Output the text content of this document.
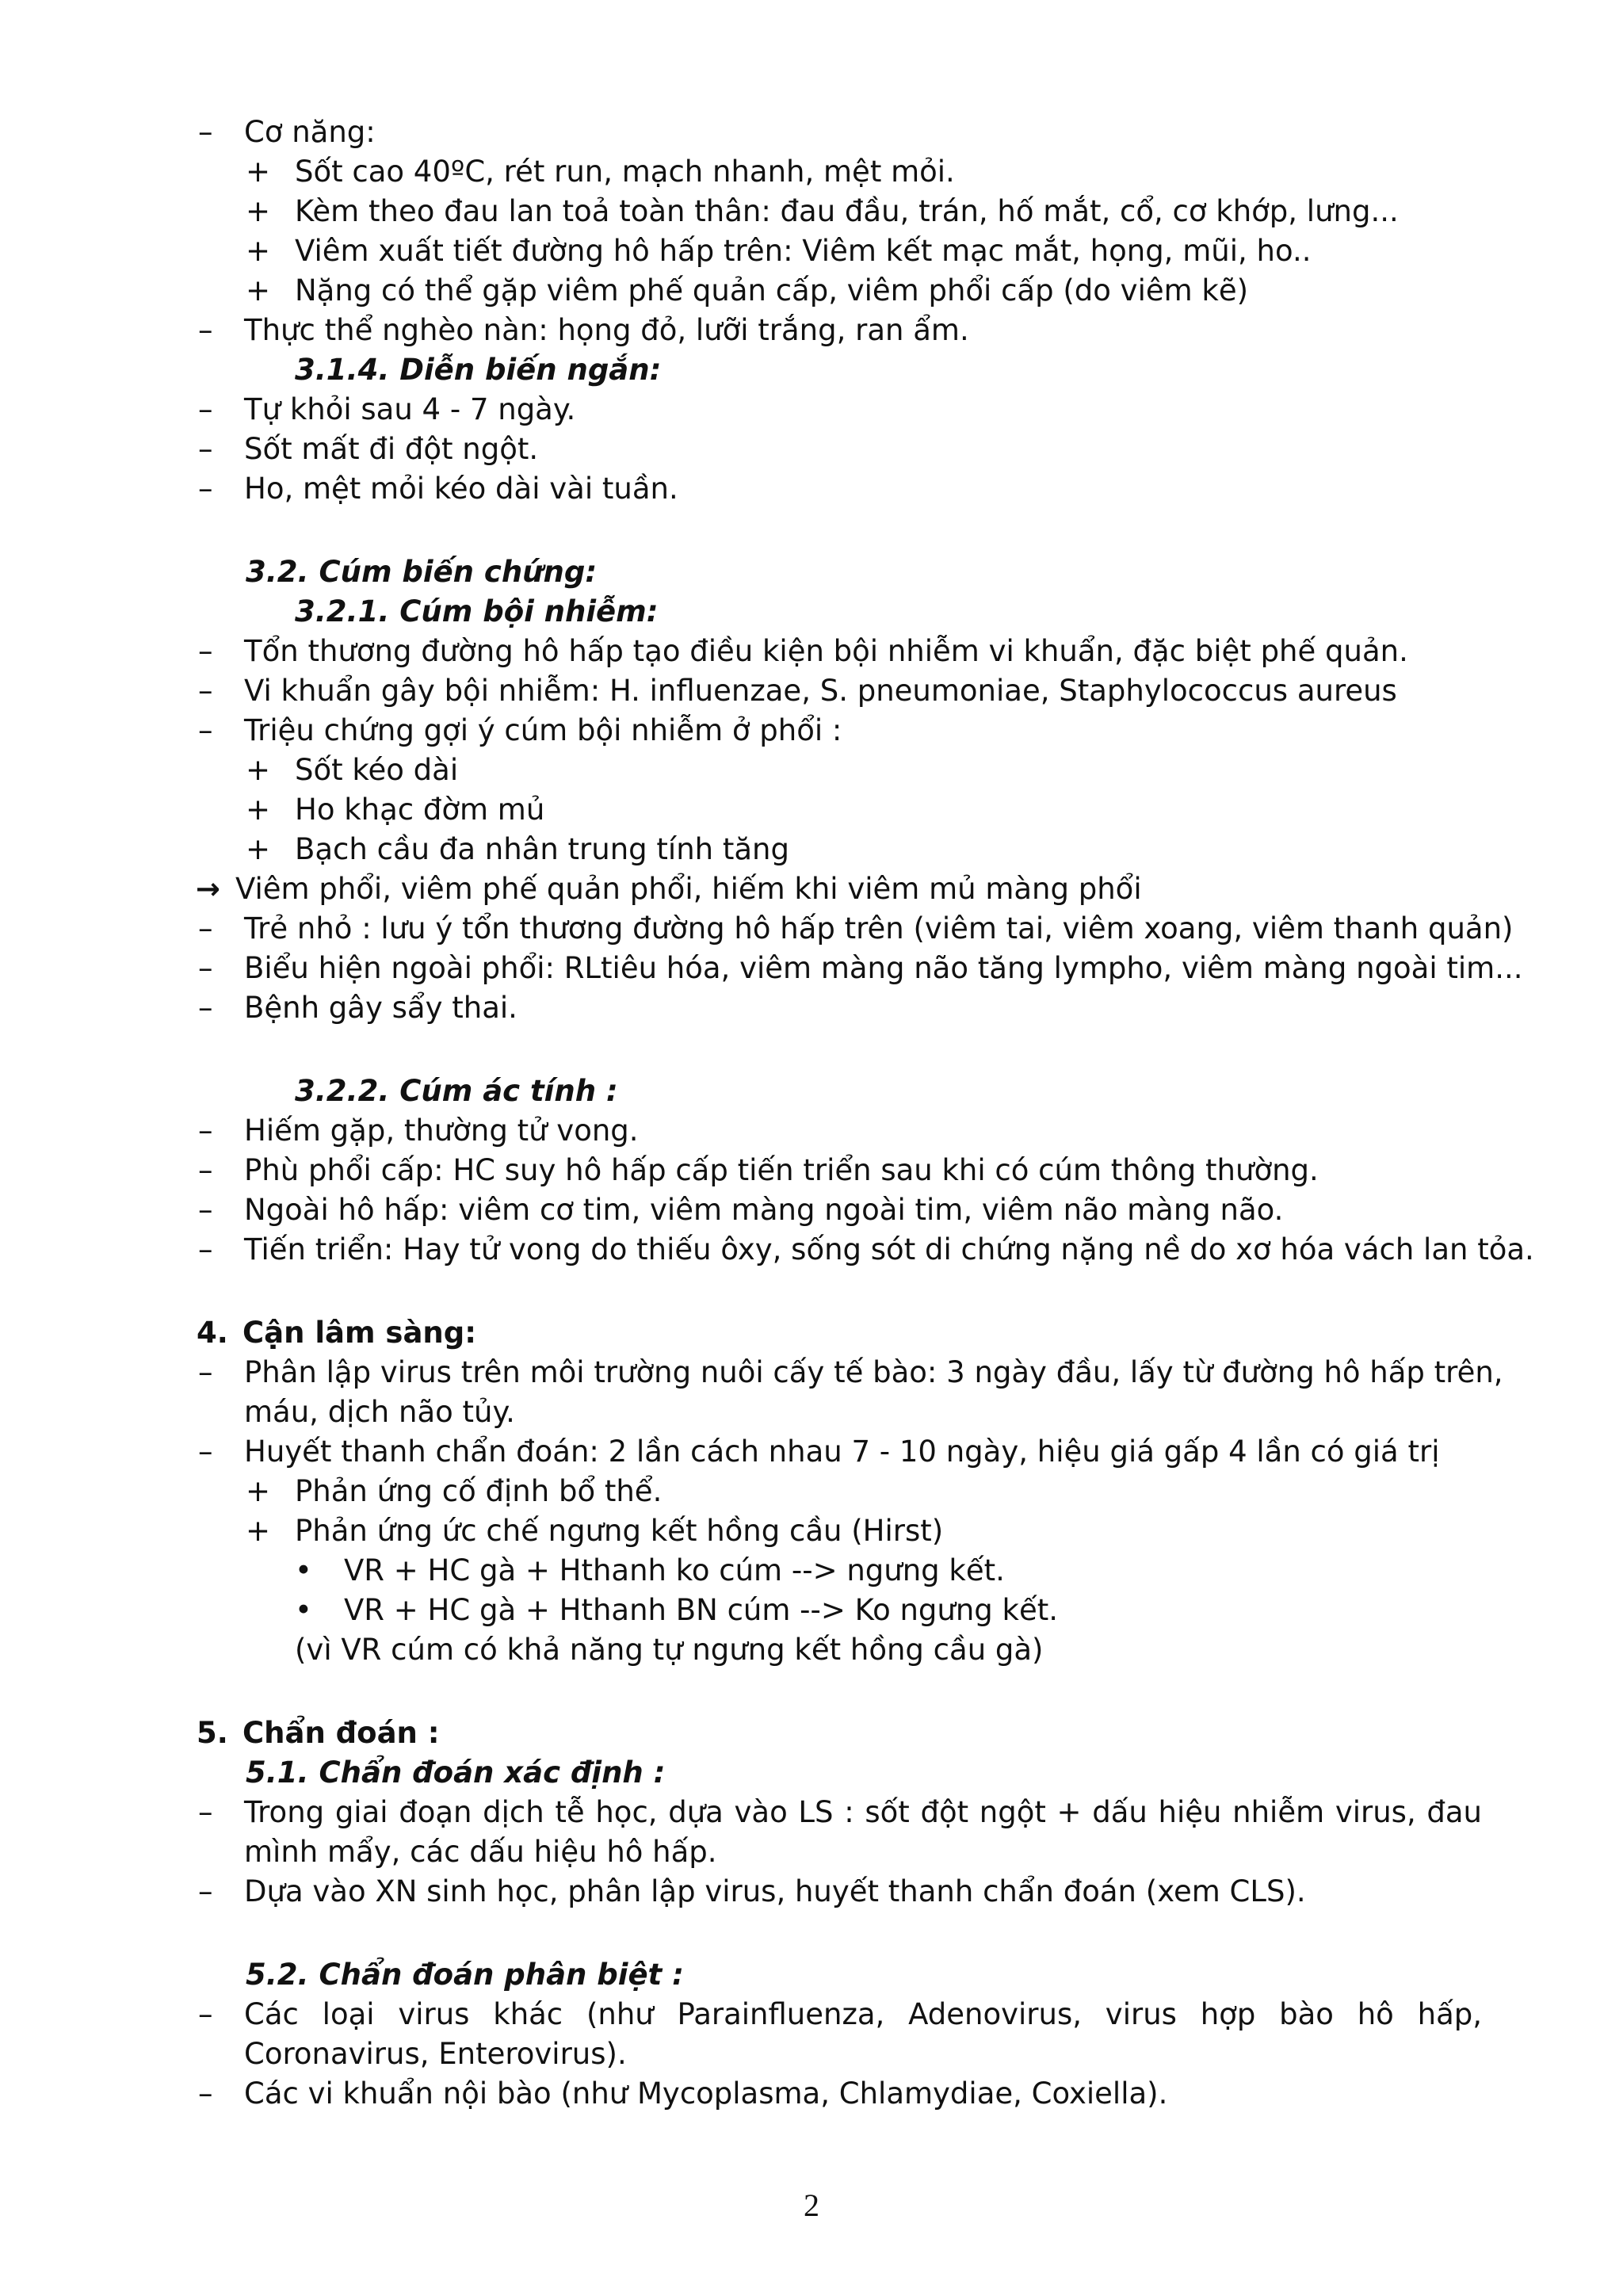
– Cơ năng:
+ Sốt cao 40ºC, rét run, mạch nhanh, mệt mỏi.
+ Kèm theo đau lan toả toàn thân: đau đầu, trán, hố mắt, cổ, cơ khớp, lưng...
+ Viêm xuất tiết đường hô hấp trên: Viêm kết mạc mắt, họng, mũi, ho..
+ Nặng có thể gặp viêm phế quản cấp, viêm phổi cấp (do viêm kẽ)
– Thực thể nghèo nàn: họng đỏ, lưỡi trắng, ran ẩm.
3.1.4. Diễn biến ngắn:
– Tự khỏi sau 4 - 7 ngày.
– Sốt mất đi đột ngột.
– Ho, mệt mỏi kéo dài vài tuần.
3.2. Cúm biến chứng:
3.2.1. Cúm bội nhiễm:
– Tổn thương đường hô hấp tạo điều kiện bội nhiễm vi khuẩn, đặc biệt phế quản.
– Vi khuẩn gây bội nhiễm: H. influenzae, S. pneumoniae, Staphylococcus aureus
– Triệu chứng gợi ý cúm bội nhiễm ở phổi :
+ Sốt kéo dài
+ Ho khạc đờm mủ
+ Bạch cầu đa nhân trung tính tăng
→ Viêm phổi, viêm phế quản phổi, hiếm khi viêm mủ màng phổi
– Trẻ nhỏ : lưu ý tổn thương đường hô hấp trên (viêm tai, viêm xoang, viêm thanh quản)
– Biểu hiện ngoài phổi: RLtiêu hóa, viêm màng não tăng lympho, viêm màng ngoài tim...
– Bệnh gây sẩy thai.
3.2.2. Cúm ác tính :
– Hiếm gặp, thường tử vong.
– Phù phổi cấp: HC suy hô hấp cấp tiến triển sau khi có cúm thông thường.
– Ngoài hô hấp: viêm cơ tim, viêm màng ngoài tim, viêm não màng não.
– Tiến triển: Hay tử vong do thiếu ôxy, sống sót di chứng nặng nề do xơ hóa vách lan tỏa.
4. Cận lâm sàng:
– Phân lập virus trên môi trường nuôi cấy tế bào: 3 ngày đầu, lấy từ đường hô hấp trên,
máu, dịch não tủy.
– Huyết thanh chẩn đoán: 2 lần cách nhau 7 - 10 ngày, hiệu giá gấp 4 lần có giá trị
+ Phản ứng cố định bổ thể.
+ Phản ứng ức chế ngưng kết hồng cầu (Hirst)
• VR + HC gà + Hthanh ko cúm --> ngưng kết.
• VR + HC gà + Hthanh BN cúm --> Ko ngưng kết.
(vì VR cúm có khả năng tự ngưng kết hồng cầu gà)
5. Chẩn đoán :
5.1. Chẩn đoán xác định :
– Trong giai đoạn dịch tễ học, dựa vào LS : sốt đột ngột + dấu hiệu nhiễm virus, đau
mình mẩy, các dấu hiệu hô hấp.
– Dựa vào XN sinh học, phân lập virus, huyết thanh chẩn đoán (xem CLS).
5.2. Chẩn đoán phân biệt :
– Các loại virus khác (như Parainfluenza, Adenovirus, virus hợp bào hô hấp,
Coronavirus, Enterovirus).
– Các vi khuẩn nội bào (như Mycoplasma, Chlamydiae, Coxiella).
2
